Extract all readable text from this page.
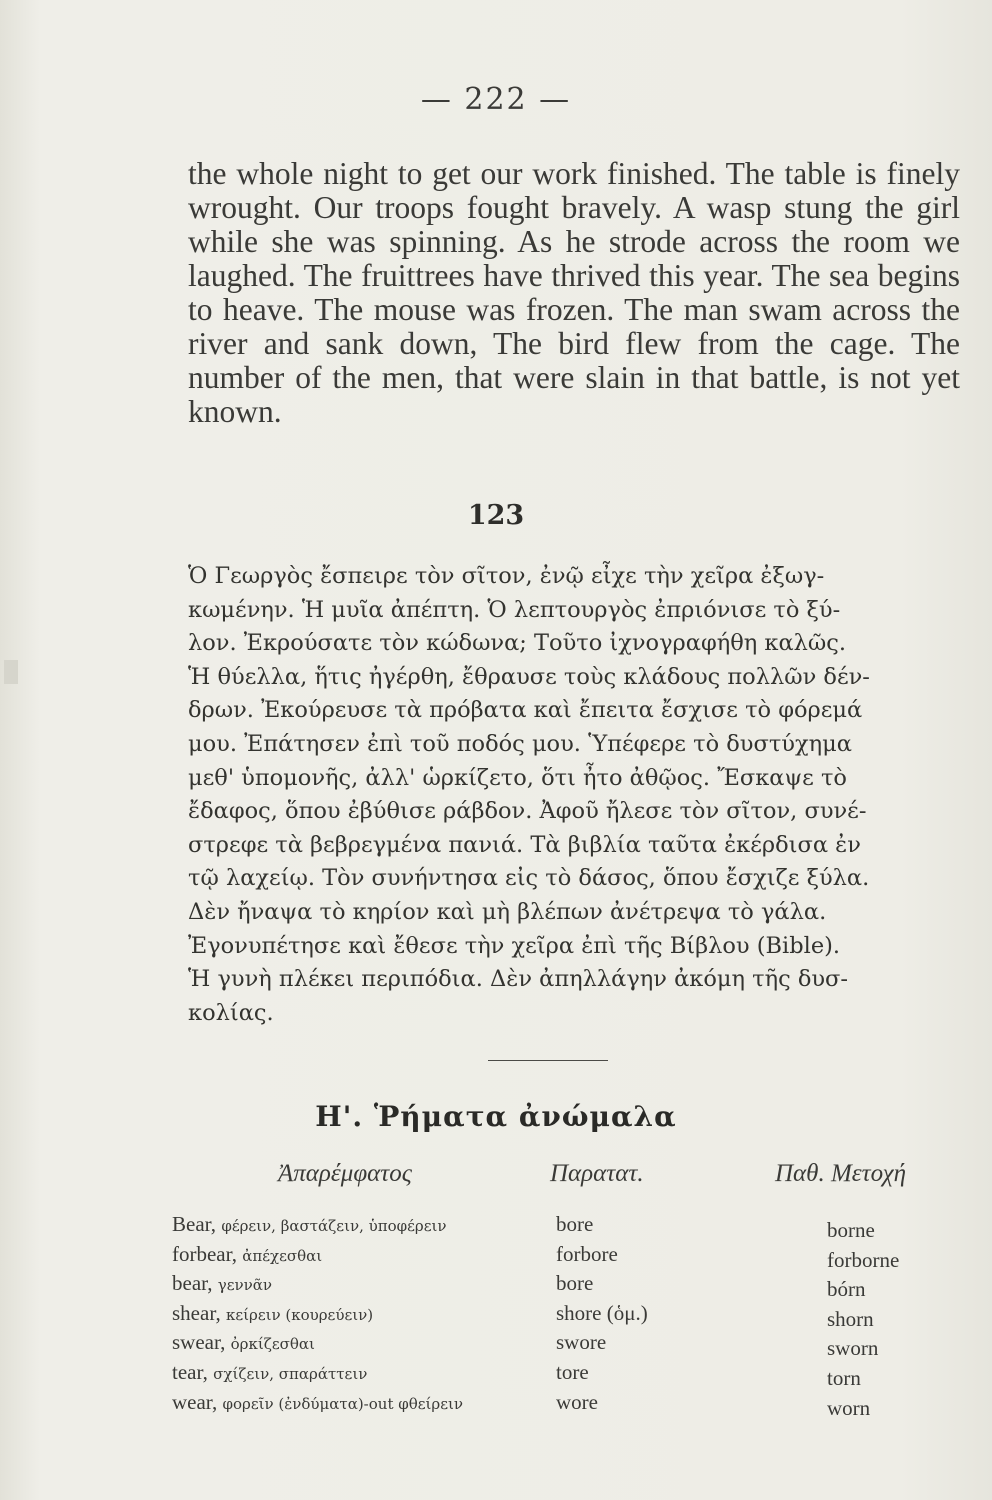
— 222 —
the whole night to get our work finished. The table is finely wrought. Our troops fought bravely. A wasp stung the girl while she was spinning. As he strode across the room we laughed. The fruittrees have thrived this year. The sea begins to heave. The mouse was frozen. The man swam across the river and sank down, The bird flew from the cage. The number of the men, that were slain in that battle, is not yet known.
123
Ὁ Γεωργὸς ἔσπειρε τὸν σῖτον, ἐνῷ εἶχε τὴν χεῖρα ἐξωγ-
κωμένην. Ἡ μυῖα ἀπέπτη. Ὁ λεπτουργὸς ἐπριόνισε τὸ ξύ-
λον. Ἐκρούσατε τὸν κώδωνα; Τοῦτο ἰχνογραφήθη καλῶς.
Ἡ θύελλα, ἥτις ἠγέρθη, ἔθραυσε τοὺς κλάδους πολλῶν δέν-
δρων. Ἐκούρευσε τὰ πρόβατα καὶ ἔπειτα ἔσχισε τὸ φόρεμά
μου. Ἐπάτησεν ἐπὶ τοῦ ποδός μου. Ὑπέφερε τὸ δυστύχημα
μεθ' ὑπομονῆς, ἀλλ' ὡρκίζετο, ὅτι ἦτο ἀθῷος. Ἔσκαψε τὸ
ἔδαφος, ὅπου ἐβύθισε ράβδον. Ἀφοῦ ἤλεσε τὸν σῖτον, συνέ-
στρεφε τὰ βεβρεγμένα πανιά. Τὰ βιβλία ταῦτα ἐκέρδισα ἐν
τῷ λαχείῳ. Τὸν συνήντησα εἰς τὸ δάσος, ὅπου ἔσχιζε ξύλα.
Δὲν ἤναψα τὸ κηρίον καὶ μὴ βλέπων ἀνέτρεψα τὸ γάλα.
Ἐγονυπέτησε καὶ ἔθεσε τὴν χεῖρα ἐπὶ τῆς Βίβλου (Bible).
Ἡ γυνὴ πλέκει περιπόδια. Δὲν ἀπηλλάγην ἀκόμη τῆς δυσ-
κολίας.
Η'. Ῥήματα ἀνώμαλα
Ἀπαρέμφατος	Παρατατ.	Παθ. Μετοχή
Bear, φέρειν, βαστάζειν, ὑποφέρειν	bore	borne
forbear, ἀπέχεσθαι	forbore	forborne
bear, γεννᾶν	bore	bórn
shear, κείρειν (κουρεύειν)	shore (ὁμ.)	shorn
swear, ὀρκίζεσθαι	swore	sworn
tear, σχίζειν, σπαράττειν	tore	torn
wear, φορεῖν (ἐνδύματα)-out φθείρειν	wore	worn
